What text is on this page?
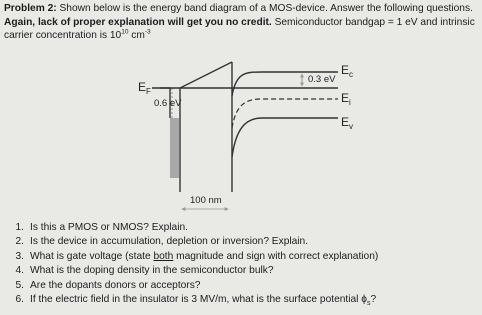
Problem 2: Shown below is the energy band diagram of a MOS-device. Answer the following questions.
Again, lack of proper explanation will get you no credit. Semiconductor bandgap = 1 eV and intrinsic
carrier concentration is $10^{10}$ $cm^{-3}$
$E_F$
0.6 eV
0.3 eV
$E_c$
$E_i$
$E_v$
100 nm
1. Is this a PMOS or NMOS? Explain.
2. Is the device in accumulation, depletion or inversion? Explain.
3. What is gate voltage (state both magnitude and sign with correct explanation)
4. What is the doping density in the semiconductor bulk?
5. Are the dopants donors or acceptors?
6. If the electric field in the insulator is 3 MV/m, what is the surface potential $\phi_s$?
